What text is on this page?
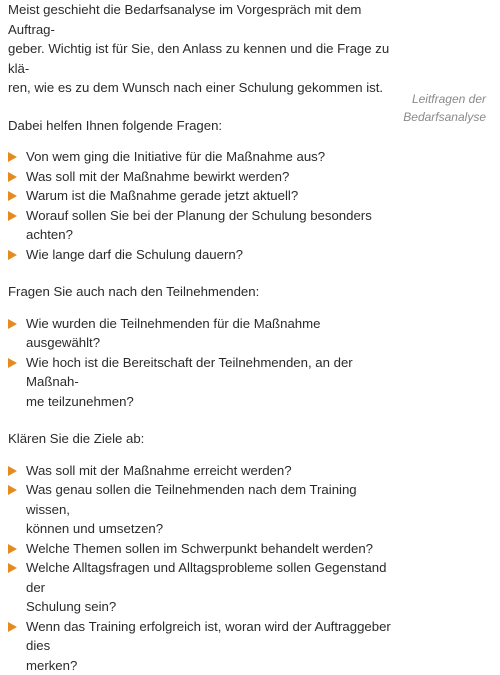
Leitfragen der
Bedarfsanalyse

Meist geschieht die Bedarfsanalyse im Vorgespräch mit dem Auftrag-
geber. Wichtig ist für Sie, den Anlass zu kennen und die Frage zu klä-
ren, wie es zu dem Wunsch nach einer Schulung gekommen ist.

Dabei helfen Ihnen folgende Fragen:

Von wem ging die Initiative für die Maßnahme aus?
Was soll mit der Maßnahme bewirkt werden?
Warum ist die Maßnahme gerade jetzt aktuell?
Worauf sollen Sie bei der Planung der Schulung besonders achten?
Wie lange darf die Schulung dauern?

Fragen Sie auch nach den Teilnehmenden:

Wie wurden die Teilnehmenden für die Maßnahme ausgewählt?
Wie hoch ist die Bereitschaft der Teilnehmenden, an der Maßnah-
me teilzunehmen?

Klären Sie die Ziele ab:

Was soll mit der Maßnahme erreicht werden?
Was genau sollen die Teilnehmenden nach dem Training wissen,
können und umsetzen?
Welche Themen sollen im Schwerpunkt behandelt werden?
Welche Alltagsfragen und Alltagsprobleme sollen Gegenstand der
Schulung sein?
Wenn das Training erfolgreich ist, woran wird der Auftraggeber dies
merken?
